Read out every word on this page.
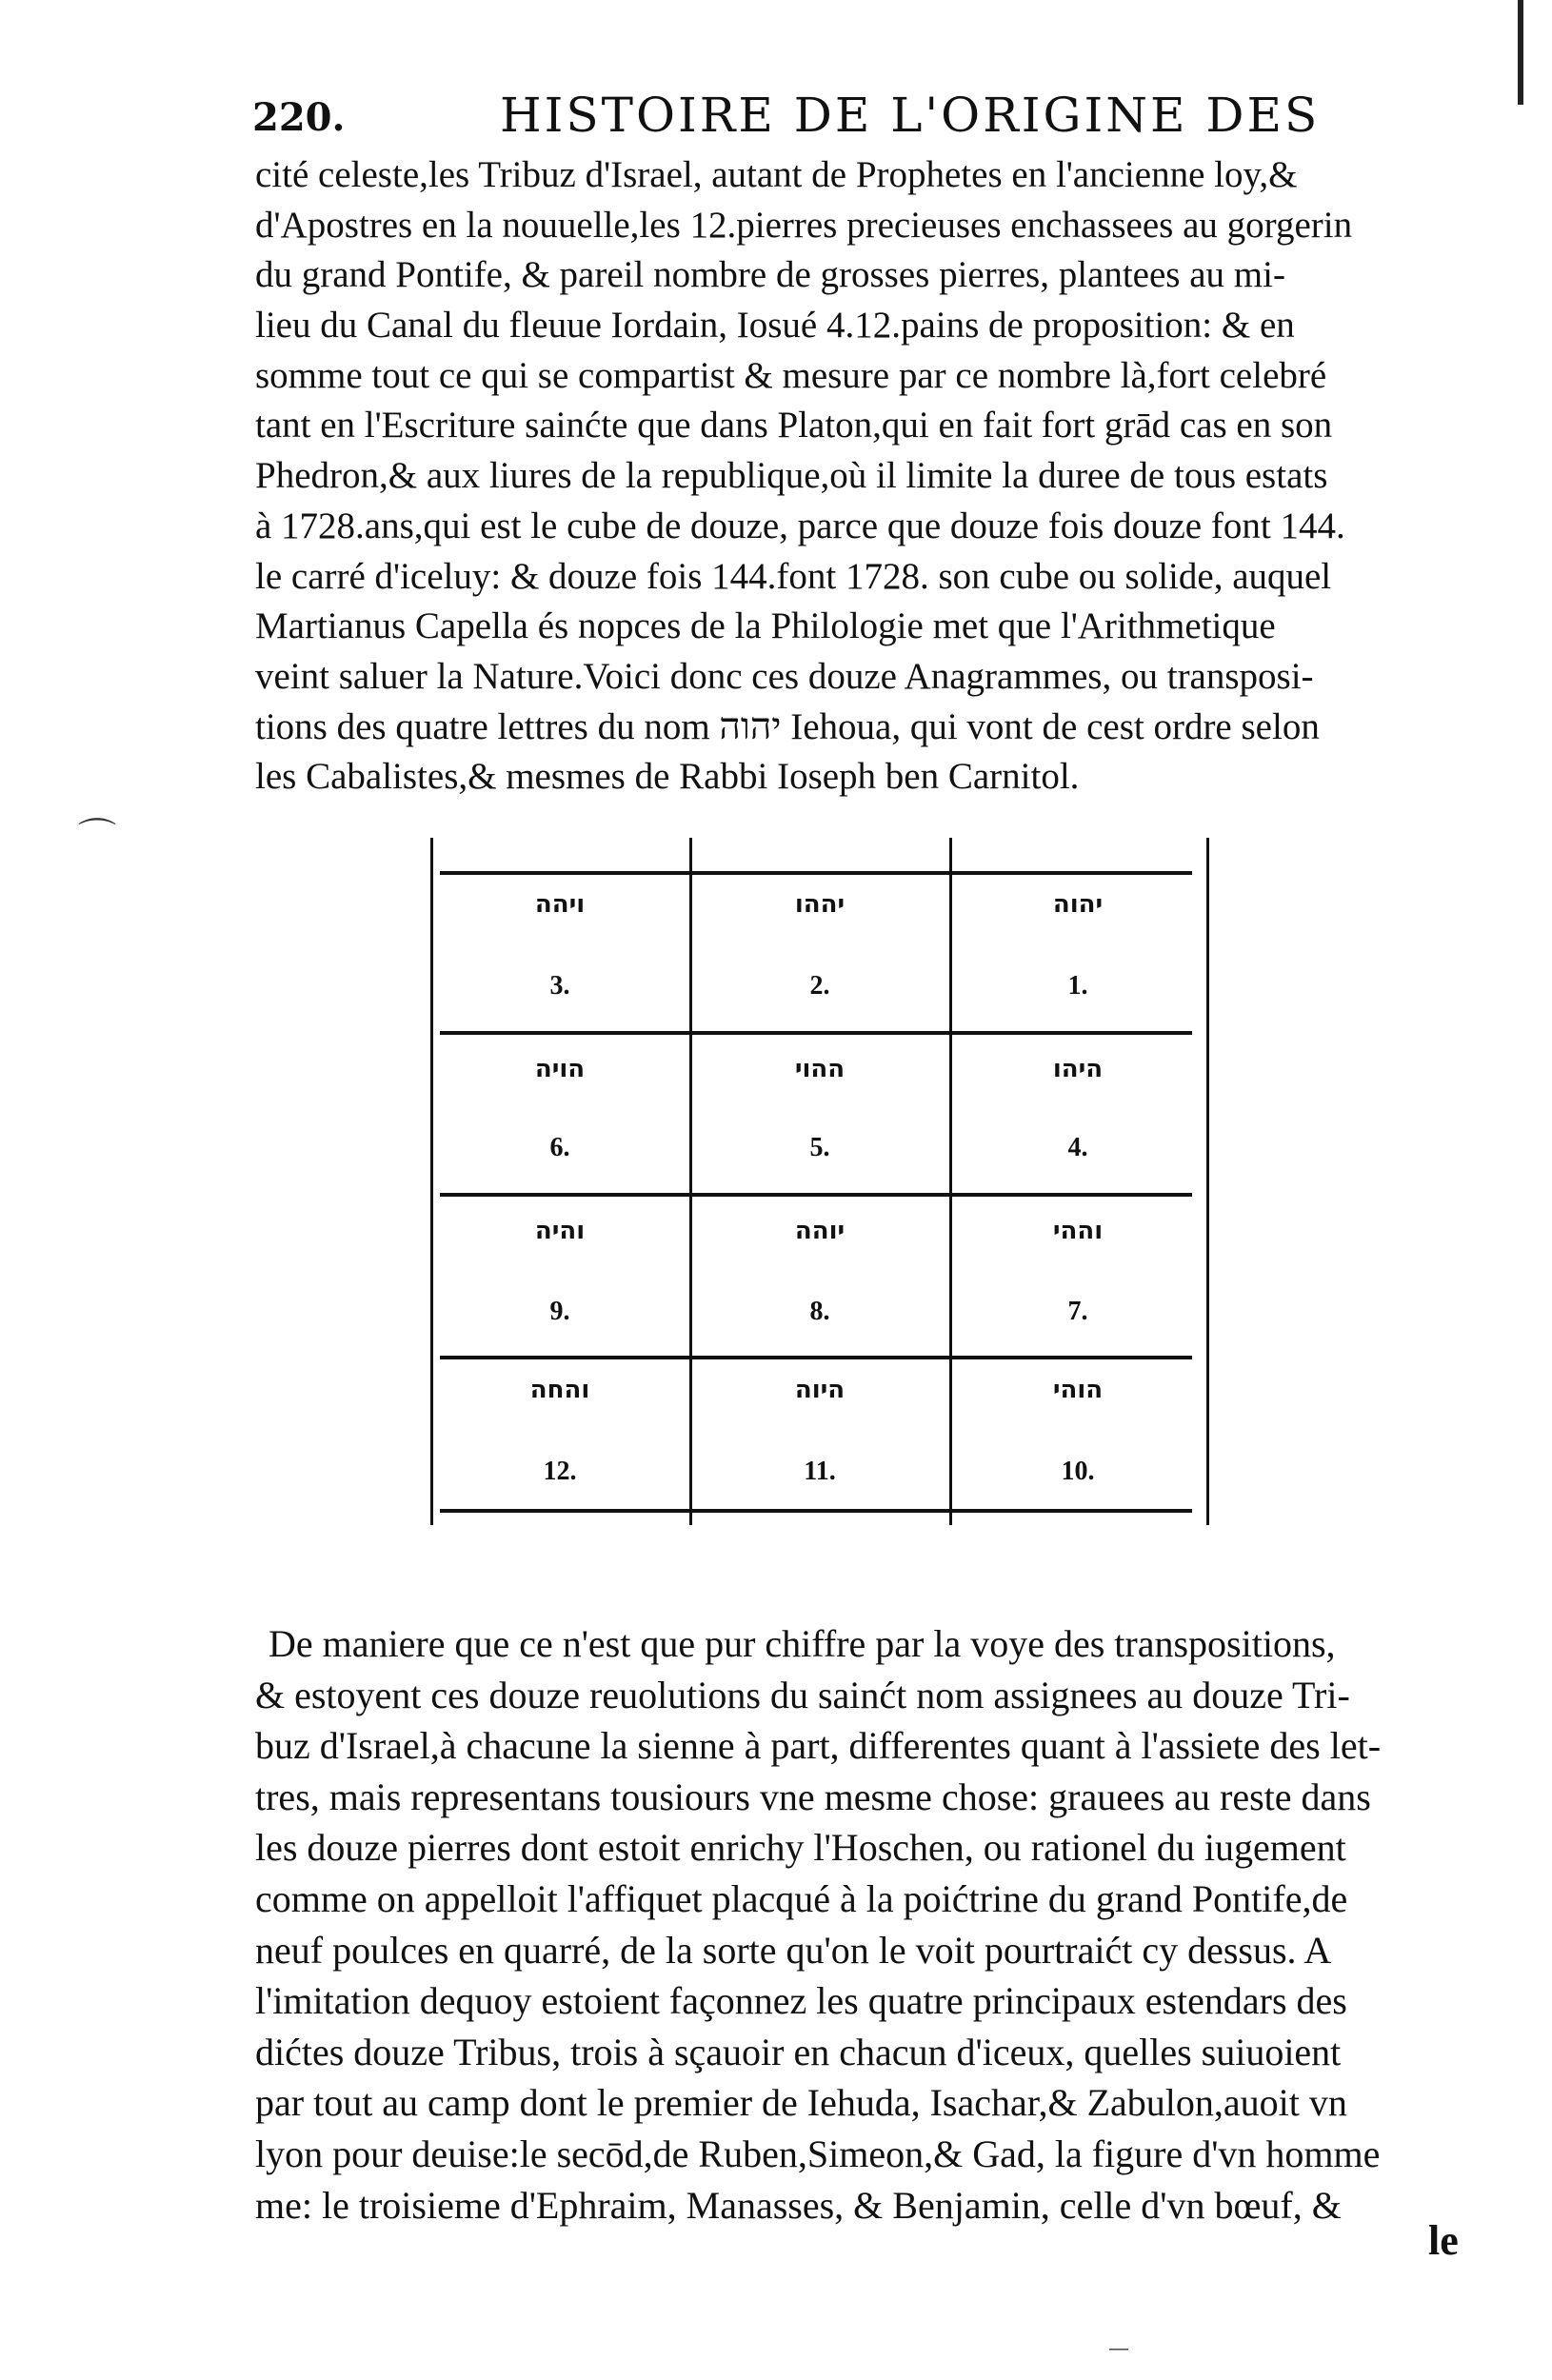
220.	HISTOIRE DE L'ORIGINE DES
cité celeste,les Tribuz d'Israel, autant de Prophetes en l'ancienne loy,&
d'Apostres en la nouuelle,les 12.pierres precieuses enchassees au gorgerin
du grand Pontife, & pareil nombre de grosses pierres, plantees au mi-
lieu du Canal du fleuue Iordain, Iosué 4.12.pains de proposition: & en
somme tout ce qui se compartist & mesure par ce nombre là,fort celebré
tant en l'Escriture sainćte que dans Platon,qui en fait fort grād cas en son
Phedron,& aux liures de la republique,où il limite la duree de tous estats
à 1728.ans,qui est le cube de douze, parce que douze fois douze font 144.
le carré d'iceluy: & douze fois 144.font 1728. son cube ou solide, auquel
Martianus Capella és nopces de la Philologie met que l'Arithmetique
veint saluer la Nature.Voici donc ces douze Anagrammes, ou transposi-
tions des quatre lettres du nom יהוה Iehoua, qui vont de cest ordre selon
les Cabalistes,& mesmes de Rabbi Ioseph ben Carnitol.
⌒
ויהה	יההו	יהוה
3.	2.	1.
הויה	ההוי	היהו
6.	5.	4.
והיה	יוהה	וההי
9.	8.	7.
והחה	היוה	הוהי
12.	11.	10.
De maniere que ce n'est que pur chiffre par la voye des transpositions,
& estoyent ces douze reuolutions du sainćt nom assignees au douze Tri-
buz d'Israel,à chacune la sienne à part, differentes quant à l'assiete des let-
tres, mais representans tousiours vne mesme chose: grauees au reste dans
les douze pierres dont estoit enrichy l'Hoschen, ou rationel du iugement
comme on appelloit l'affiquet placqué à la poićtrine du grand Pontife,de
neuf poulces en quarré, de la sorte qu'on le voit pourtraićt cy dessus. A
l'imitation dequoy estoient façonnez les quatre principaux estendars des
dićtes douze Tribus, trois à sçauoir en chacun d'iceux, quelles suiuoient
par tout au camp dont le premier de Iehuda, Isachar,& Zabulon,auoit vn
lyon pour deuise:le secōd,de Ruben,Simeon,& Gad, la figure d'vn homme
me: le troisieme d'Ephraim, Manasses, & Benjamin, celle d'vn bœuf, &
le
—
